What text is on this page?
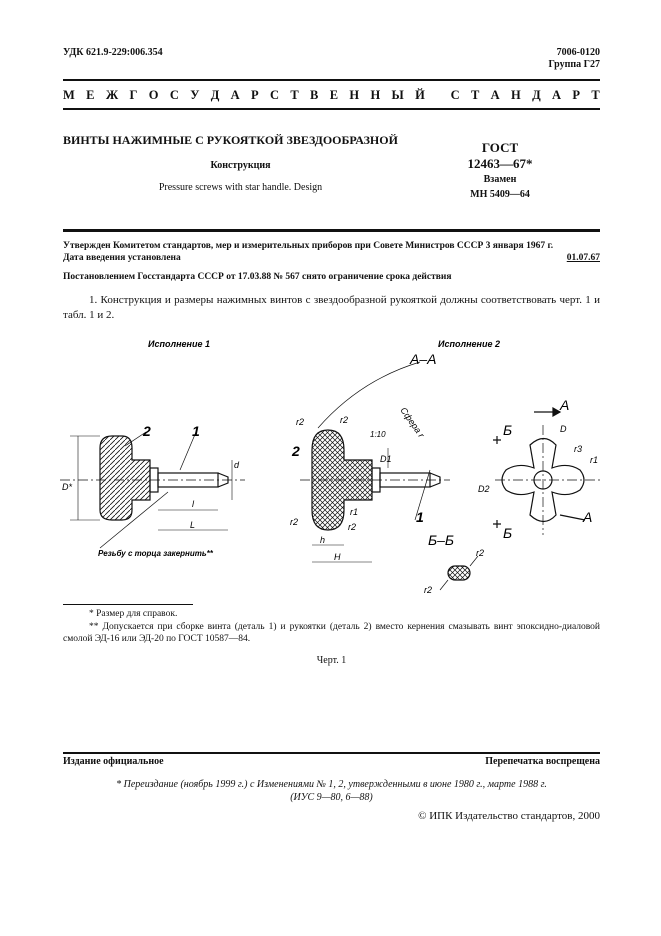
УДК 621.9-229:006.354	7006-0120
Группа Г27
М Е Ж Г О С У Д А Р С Т В Е Н Н Ы Й
С Т А Н Д А Р Т
ВИНТЫ НАЖИМНЫЕ С РУКОЯТКОЙ ЗВЕЗДООБРАЗНОЙ
Конструкция
Pressure screws with star handle. Design
ГОСТ
12463—67*
Взамен
МН 5409—64
Утвержден Комитетом стандартов, мер и измерительных приборов при Совете Министров СССР 3 января 1967 г.
Дата введения установлена	01.07.67
Постановлением Госстандарта СССР от 17.03.88 № 567 снято ограничение срока действия
1. Конструкция и размеры нажимных винтов с звездообразной рукояткой должны соответствовать черт. 1 и табл. 1 и 2.
Исполнение 1
2	1
D*
d
l
L
Резьбу с торца закернить**
А–А
r2	r2
1:10
2	D1
1
r2
r1
r2
h
H
Сфера r
Исполнение 2
А
А
Б
Б
D
r3
r1
D2
Б–Б
r2
r2
* Размер для справок.
** Допускается при сборке винта (деталь 1) и рукоятки (деталь 2) вместо кернения смазывать винт эпоксидно-диаловой смолой ЭД-16 или ЭД-20 по ГОСТ 10587—84.
Черт. 1
Издание официальное	Перепечатка воспрещена
* Переиздание (ноябрь 1999 г.) с Изменениями № 1, 2, утвержденными в июне 1980 г., марте 1988 г.
(ИУС 9—80, 6—88)
© ИПК Издательство стандартов, 2000
